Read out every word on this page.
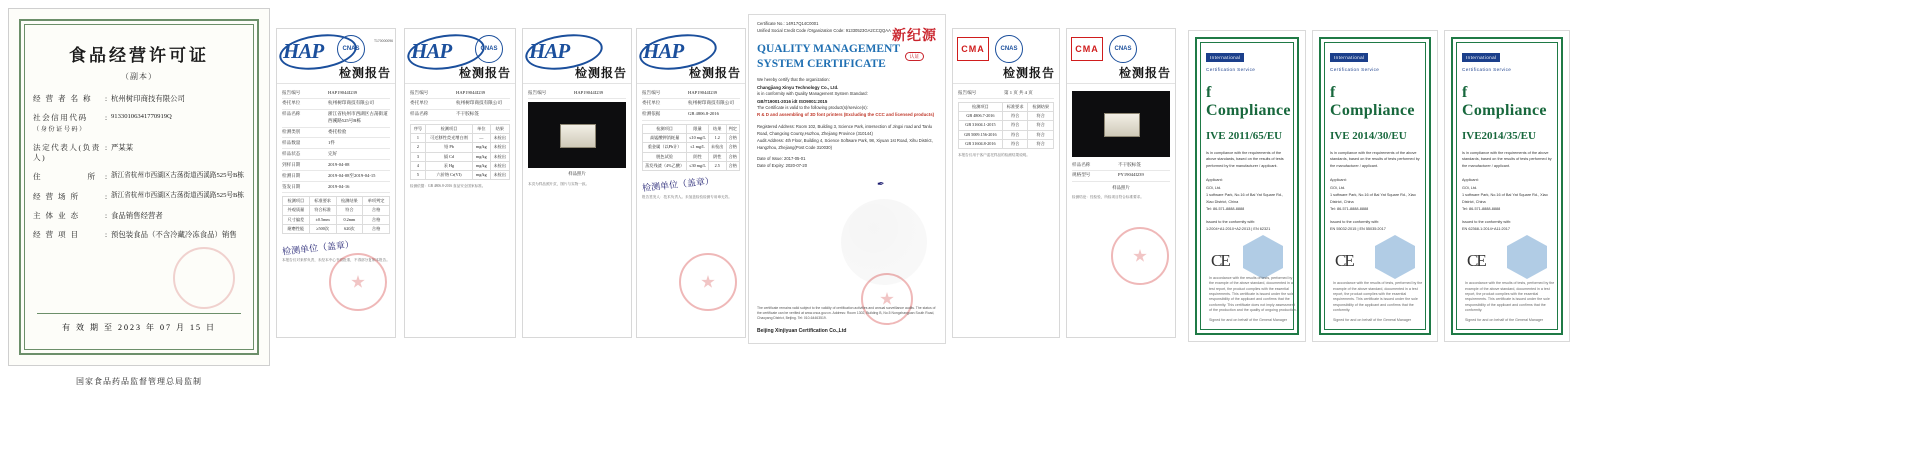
食品经营许可证
（副本）
经 营 者 名 称	: 杭州树印商技有限公司
社会信用代码
（身份证号码）
: 91330106341770919Q
法定代表人(负责人)
: 严某某
住　　　　　所	: 浙江省杭州市西湖区古荡街道西溪路525号B栋
经 营 场 所	: 浙江省杭州市西湖区古荡街道西溪路525号B栋
主 体 业 态	: 食品销售经营者
经 营 项 目	: 预包装食品（不含冷藏冷冻食品）销售
有 效 期 至 2023 年 07 月 15 日
国家食品药品监督管理总局监制
HAP	CNAS
T170000096
检测报告
报告编号	HAP19044I239
委托单位	杭州树印商技有限公司
样品名称	浙江省杭州市西湖区古荡街道西溪路525号B栋
检测类别	委托检验
样品数量	1件
样品状态	完好
到样日期	2019-04-08
检测日期	2019-04-08至2019-04-15
签发日期	2019-04-16
检测项目	标准要求	检测结果	单项判定
外观质量	符合标准	符合	合格
尺寸偏差	±0.5mm	0.2mm	合格
耐磨性能	≥500次	620次	合格
检测单位（盖章）
本报告仅对来样负责，未经本中心书面批准，不得部分复制本报告。
HAP	CNAS
检测报告
报告编号	HAP19044I239
委托单位	杭州树印商技有限公司
样品名称	不干胶标签
序号	检测项目	单位	结果
1	可迁移性荧光增白剂	—	未检出
2	铅 Pb	mg/kg	未检出
3	镉 Cd	mg/kg	未检出
4	汞 Hg	mg/kg	未检出
5	六价铬 Cr(VI)	mg/kg	未检出
检测依据：GB 4806.8-2016 食品安全国家标准。
HAP
检测报告
报告编号	HAP19044I239
样品照片
本页为样品照片页，图片与实物一致。
HAP
检测报告
报告编号	HAP19044I239
委托单位	杭州树印商技有限公司
检测依据	GB 4806.8-2016
检测项目	限量	结果	判定
高锰酸钾消耗量	≤10 mg/L	1.2	合格
重金属（以Pb计）	≤1 mg/L	未检出	合格
脱色试验	阴性	阴性	合格
蒸发残渣（4%乙酸）	≤30 mg/L	2.5	合格
检测单位（盖章）
报告签发人：技术负责人。未加盖检验检测专用章无效。
新纪源
认证
Certificate No.: 14R17Q14C0001
Unified Social Credit Code /Organization Code: 91330523GA2CCQQAA
QUALITY MANAGEMENT SYSTEM CERTIFICATE
We hereby certify that the organization:
Changjiang Xinyu Technology Co., Ltd.
is in conformity with Quality Management System Standard:
GB/T19001-2016 idt ISO9001:2015
The Certificate is valid to the following product(s)/service(s):
R & D and assembling of 3D font printers (Excluding the CCC and licensed products)
Registered Address: Room 102, Building 3, Science Park, intersection of Jingxi road and Tanlu Road, Changxing County,Huzhou, Zhejiang Province (310144)
Audit Address: 4th Floor, Building 4, Science Software Park, 98, Xiyuan 1st Road, Xihu District, Hangzhou, Zhejiang(Post Code 310030)
Date of Issue: 2017-05-01
Date of Expiry: 2020-07-20
✒
The certificate remains valid subject to the validity of certification activities and annual surveillance audits. The status of the certificate can be verified at www.cnca.gov.cn. Address: Room 1302, Building B, No.5 Nongzhanguan South Road, Chaoyang District, Beijing. Tel: 010-64463519.
Beijing Xinjiyuan Certification Co.,Ltd
CMA	CNAS
检测报告
报告编号	第 1 页 共 4 页
检测项目	标准要求	检测结果
GB 4806.7-2016	符合	符合
GB 31604.1-2015	符合	符合
GB 5009.156-2016	符合	符合
GB 31604.8-2016	符合	符合
本报告仅用于客户委托样品的检测结果说明。
CMA	CNAS
检测报告
样品名称	不干胶标签
规格型号	PY19044I239
样品照片
检测结论：经检验，所检项目符合标准要求。
International
Certification Service
f Compliance
IVE 2011/65/EU
Is in compliance with the requirements of the above standards, based on the results of tests performed by the manufacturer / applicant.
Applicant:
GOi, Ltd.
1 software Park, No.16 of Bai Yat Square Rd., Xiao District, China
Tel: 86-571-8888-8888
Issued to the conformity with:
1:2004+A1:2010+A2:2013 | EN 62321
CE
In accordance with the results of tests, performed by the example of the above standard, documented in a test report, the product complies with the essential requirements. This certificate is issued under the sole responsibility of the applicant and confirms that the conformity. This certificate does not imply assessment of the production and the quality of ongoing production.
Signed for and on behalf of the General Manager
International
Certification Service
f Compliance
IVE 2014/30/EU
Is in compliance with the requirements of the above standards, based on the results of tests performed by the manufacturer / applicant.
Applicant:
GOi, Ltd.
1 software Park, No.16 of Bai Yat Square Rd., Xiao District, China
Tel: 86-571-8888-8888
Issued to the conformity with:
EN 55032:2015 | EN 55035:2017
CE
In accordance with the results of tests, performed by the example of the above standard, documented in a test report, the product complies with the essential requirements. This certificate is issued under the sole responsibility of the applicant and confirms that the conformity.
Signed for and on behalf of the General Manager
International
Certification Service
f Compliance
IVE2014/35/EU
Is in compliance with the requirements of the above standards, based on the results of tests performed by the manufacturer / applicant.
Applicant:
GOi, Ltd.
1 software Park, No.16 of Bai Yat Square Rd., Xiao District, China
Tel: 86-571-8888-8888
Issued to the conformity with:
EN 62368-1:2014+A11:2017
CE
In accordance with the results of tests, performed by the example of the above standard, documented in a test report, the product complies with the essential requirements. This certificate is issued under the sole responsibility of the applicant and confirms that the conformity.
Signed for and on behalf of the General Manager
